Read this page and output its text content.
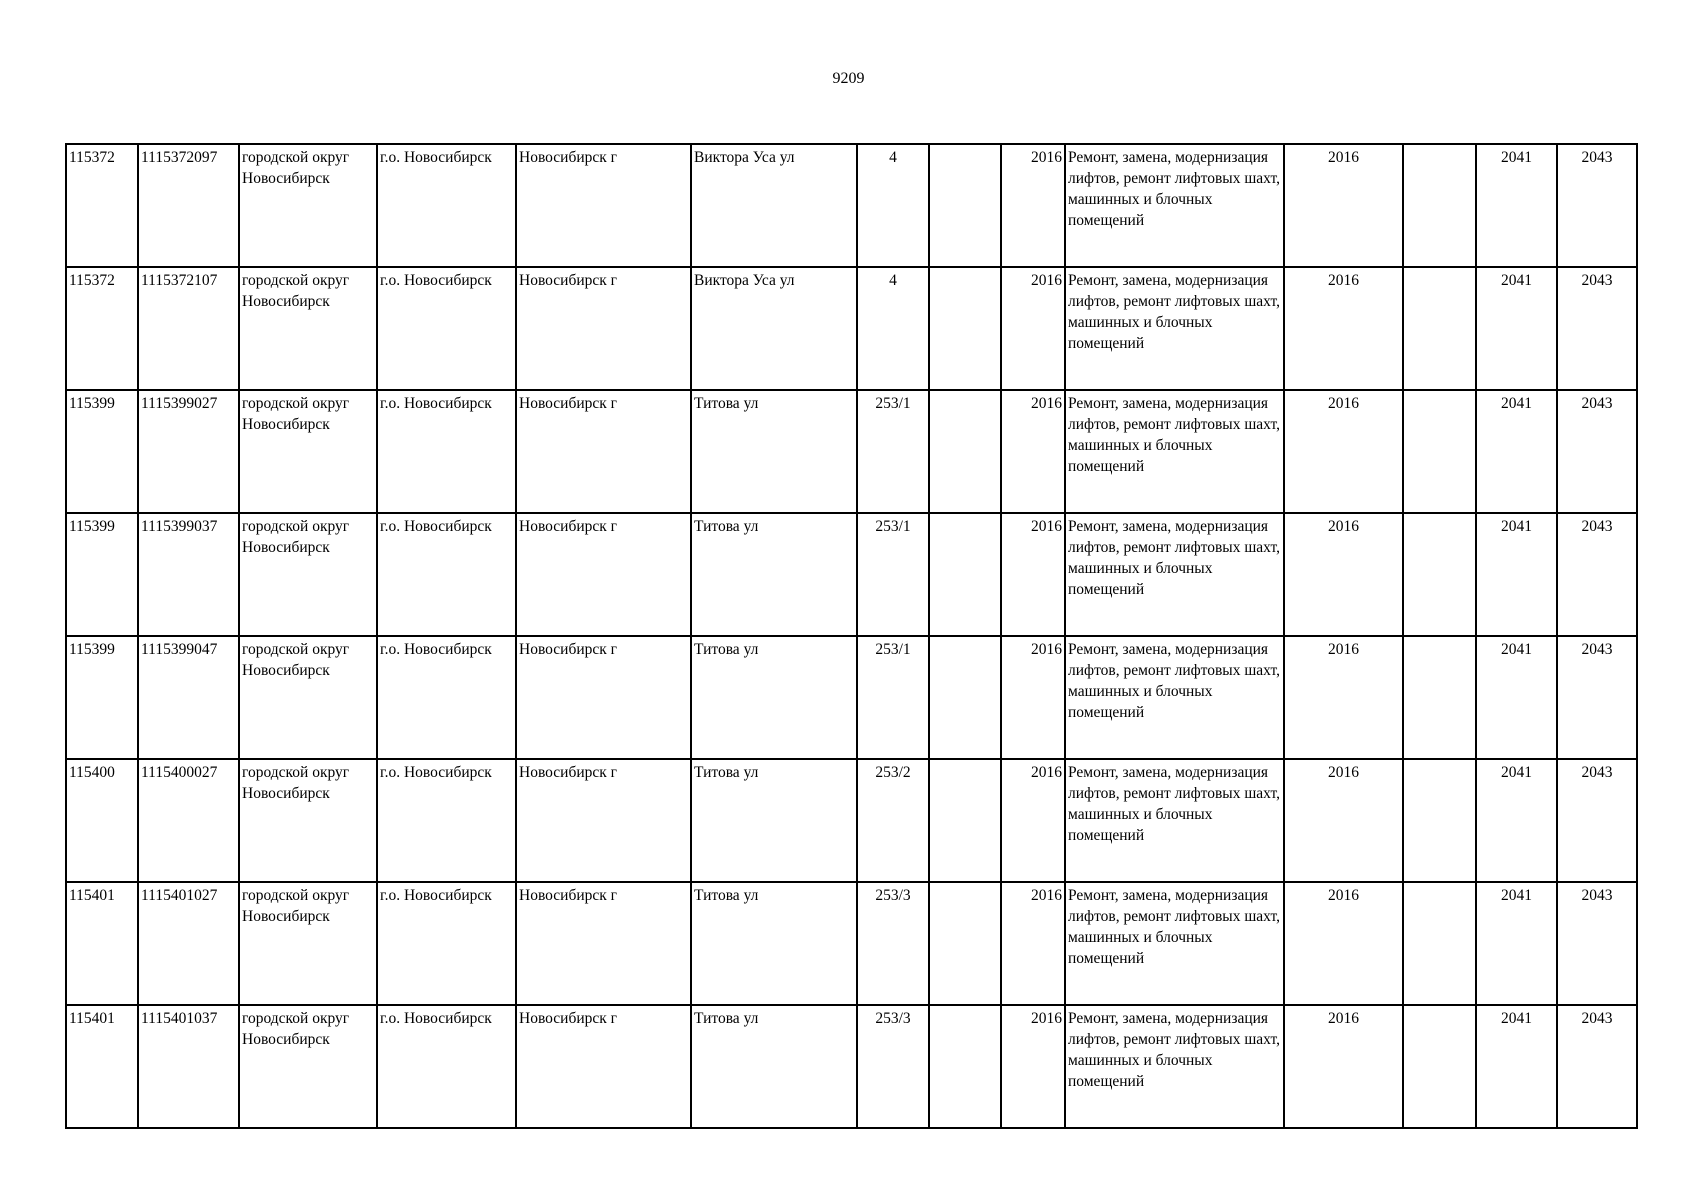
9209
115372	1115372097	городской округ Новосибирск	г.о. Новосибирск	Новосибирск г	Виктора Уса ул	4		2016	Ремонт, замена, модернизация лифтов, ремонт лифтовых шахт, машинных и блочных помещений	2016		2041	2043
115372	1115372107	городской округ Новосибирск	г.о. Новосибирск	Новосибирск г	Виктора Уса ул	4		2016	Ремонт, замена, модернизация лифтов, ремонт лифтовых шахт, машинных и блочных помещений	2016		2041	2043
115399	1115399027	городской округ Новосибирск	г.о. Новосибирск	Новосибирск г	Титова ул	253/1		2016	Ремонт, замена, модернизация лифтов, ремонт лифтовых шахт, машинных и блочных помещений	2016		2041	2043
115399	1115399037	городской округ Новосибирск	г.о. Новосибирск	Новосибирск г	Титова ул	253/1		2016	Ремонт, замена, модернизация лифтов, ремонт лифтовых шахт, машинных и блочных помещений	2016		2041	2043
115399	1115399047	городской округ Новосибирск	г.о. Новосибирск	Новосибирск г	Титова ул	253/1		2016	Ремонт, замена, модернизация лифтов, ремонт лифтовых шахт, машинных и блочных помещений	2016		2041	2043
115400	1115400027	городской округ Новосибирск	г.о. Новосибирск	Новосибирск г	Титова ул	253/2		2016	Ремонт, замена, модернизация лифтов, ремонт лифтовых шахт, машинных и блочных помещений	2016		2041	2043
115401	1115401027	городской округ Новосибирск	г.о. Новосибирск	Новосибирск г	Титова ул	253/3		2016	Ремонт, замена, модернизация лифтов, ремонт лифтовых шахт, машинных и блочных помещений	2016		2041	2043
115401	1115401037	городской округ Новосибирск	г.о. Новосибирск	Новосибирск г	Титова ул	253/3		2016	Ремонт, замена, модернизация лифтов, ремонт лифтовых шахт, машинных и блочных помещений	2016		2041	2043
